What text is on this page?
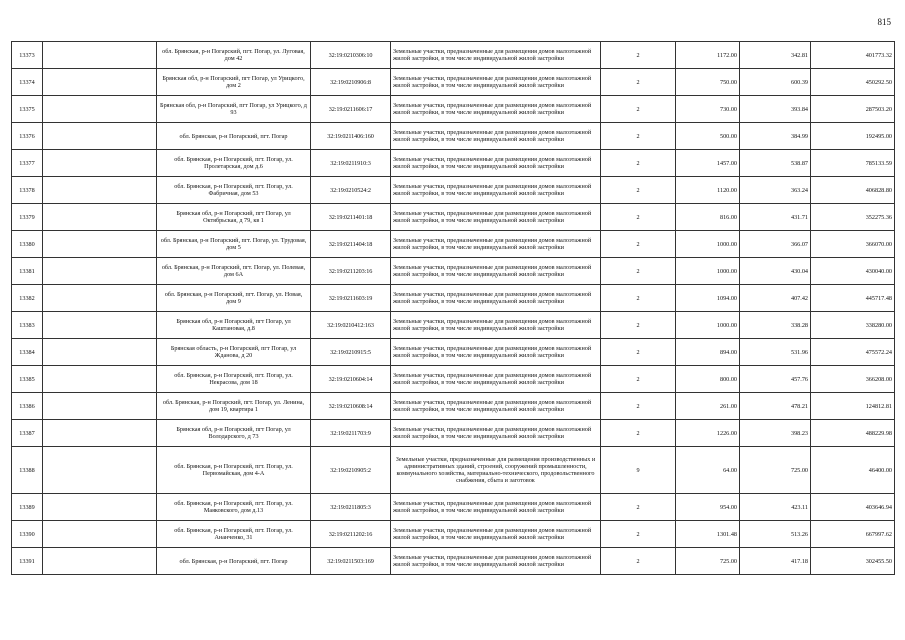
815
13373		обл. Брянская, р-н Погарский, пгт. Погар, ул. Луговая, дом 42	32:19:0210306:10	Земельные участки, предназначенные для размещения домов малоэтажной жилой застройки, в том числе индивидуальной жилой застройки	2	1172.00	342.81	401773.32
13374		Брянская обл, р-н Погарский, пгт Погар, ул Урицкого, дом 2	32:19:0210906:8	Земельные участки, предназначенные для размещения домов малоэтажной жилой застройки, в том числе индивидуальной жилой застройки	2	750.00	600.39	450292.50
13375		Брянская обл, р-н Погарский, пгт Погар, ул Урицкого, д 93	32:19:0211606:17	Земельные участки, предназначенные для размещения домов малоэтажной жилой застройки, в том числе индивидуальной жилой застройки	2	730.00	393.84	287503.20
13376		обл. Брянская, р-н Погарский, пгт. Погар	32:19:0211406:160	Земельные участки, предназначенные для размещения домов малоэтажной жилой застройки, в том числе индивидуальной жилой застройки	2	500.00	384.99	192495.00
13377		обл. Брянская, р-н Погарский, пгт. Погар, ул. Пролетарская, дом д.6	32:19:0211910:3	Земельные участки, предназначенные для размещения домов малоэтажной жилой застройки, в том числе индивидуальной жилой застройки	2	1457.00	538.87	785133.59
13378		обл. Брянская, р-н Погарский, пгт. Погар, ул. Фабричная, дом 53	32:19:0210524:2	Земельные участки, предназначенные для размещения домов малоэтажной жилой застройки, в том числе индивидуальной жилой застройки	2	1120.00	363.24	406828.80
13379		Брянская обл, р-н Погарский, пгт Погар, ул Октябрьская, д 79, кв 1	32:19:0211401:18	Земельные участки, предназначенные для размещения домов малоэтажной жилой застройки, в том числе индивидуальной жилой застройки	2	816.00	431.71	352275.36
13380		обл. Брянская, р-н Погарский, пгт. Погар, ул. Трудовая, дом 5	32:19:0211404:18	Земельные участки, предназначенные для размещения домов малоэтажной жилой застройки, в том числе индивидуальной жилой застройки	2	1000.00	366.07	366070.00
13381		обл. Брянская, р-н Погарский, пгт. Погар, ул. Полевая, дом 6А	32:19:0211203:16	Земельные участки, предназначенные для размещения домов малоэтажной жилой застройки, в том числе индивидуальной жилой застройки	2	1000.00	430.04	430040.00
13382		обл. Брянская, р-н Погарский, пгт. Погар, ул. Новая, дом 9	32:19:0211603:19	Земельные участки, предназначенные для размещения домов малоэтажной жилой застройки, в том числе индивидуальной жилой застройки	2	1094.00	407.42	445717.48
13383		Брянская обл, р-н Погарский, пгт Погар, ул Каштановая, д.8	32:19:0210412:163	Земельные участки, предназначенные для размещения домов малоэтажной жилой застройки, в том числе индивидуальной жилой застройки	2	1000.00	338.28	338280.00
13384		Брянская область, р-н Погарский, пгт Погар, ул Жданова, д 20	32:19:0210915:5	Земельные участки, предназначенные для размещения домов малоэтажной жилой застройки, в том числе индивидуальной жилой застройки	2	894.00	531.96	475572.24
13385		обл. Брянская, р-н Погарский, пгт. Погар, ул. Некрасова, дом 18	32:19:0210604:14	Земельные участки, предназначенные для размещения домов малоэтажной жилой застройки, в том числе индивидуальной жилой застройки	2	800.00	457.76	366208.00
13386		обл. Брянская, р-н Погарский, пгт. Погар, ул. Ленина, дом 19, квартира 1	32:19:0210608:14	Земельные участки, предназначенные для размещения домов малоэтажной жилой застройки, в том числе индивидуальной жилой застройки	2	261.00	478.21	124812.81
13387		Брянская обл, р-н Погарский, пгт Погар, ул Володарского, д 73	32:19:0211703:9	Земельные участки, предназначенные для размещения домов малоэтажной жилой застройки, в том числе индивидуальной жилой застройки	2	1226.00	398.23	488229.98
13388		обл. Брянская, р-н Погарский, пгт. Погар, ул. Первомайская, дом 4-А	32:19:0210905:2	Земельные участки, предназначенные для размещения производственных и административных зданий, строений, сооружений промышленности, коммунального хозяйства, материально-технического, продовольственного снабжения, сбыта и заготовок	9	64.00	725.00	46400.00
13389		обл. Брянская, р-н Погарский, пгт. Погар, ул. Маяковского, дом д.13	32:19:0211805:3	Земельные участки, предназначенные для размещения домов малоэтажной жилой застройки, в том числе индивидуальной жилой застройки	2	954.00	423.11	403646.94
13390		обл. Брянская, р-н Погарский, пгт. Погар, ул. Ананченко, 31	32:19:0211202:16	Земельные участки, предназначенные для размещения домов малоэтажной жилой застройки, в том числе индивидуальной жилой застройки	2	1301.48	513.26	667997.62
13391		обл. Брянская, р-н Погарский, пгт. Погар	32:19:0211503:169	Земельные участки, предназначенные для размещения домов малоэтажной жилой застройки, в том числе индивидуальной жилой застройки	2	725.00	417.18	302455.50
